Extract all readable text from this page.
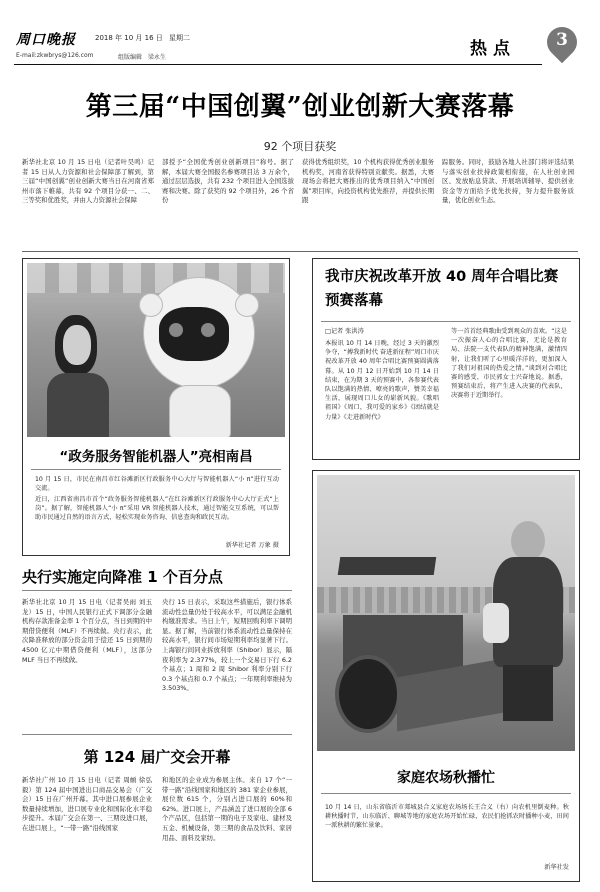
周口晚报	2018 年 10 月 16 日 星期二
E-mail:zkwbrys@126.com	组版编辑 梁永生	热点	3
第三届“中国创翼”创业创新大赛落幕
92 个项目获奖
新华社北京 10 月 15 日电（记者叶昊鸣）记者 15 日从人力资源和社会保障部了解到，第三届“中国创翼”创业创新大赛当日在河南省郑州市落下帷幕，共有 92 个项目分获一、二、三等奖和优胜奖，并由人力资源社会保障
部授予“全国优秀创业创新项目”称号。据了解，本届大赛全国报名参赛项目达 3 万余个，通过层层选拔，共有 232 个项目进入全国选拔赛和决赛。除了获奖的 92 个项目外，26 个省份
获得优秀组织奖，10 个机构获得优秀创业服务机构奖，河南省获得特别贡献奖。据悉，大赛现场会将把大赛推出的优秀项目纳入“中国创翼”项目库，向投资机构优先推荐，并提供长期跟
踪服务。同时，鼓励各地人社部门将评选结果与落实创业扶持政策相衔接，在人社创业园区、发放贴息贷款、开展培训辅导、提供创业资金等方面给予优先扶持，努力提升服务质量，优化创业生态。
“政务服务智能机器人”亮相南昌
10 月 15 日，市民在南昌市红谷滩新区行政服务中心大厅与智能机器人“小 π”进行互动交流。
近日，江西省南昌市首个“政务服务智能机器人”在红谷滩新区行政服务中心大厅正式“上岗”。据了解，智能机器人“小 π”采用 VR 智能机器人技术，通过智能交互系统，可以帮助市民通过自然的语言方式，轻松实现业务咨询、信息查询和政民互动。
新华社记者 万象 摄
我市庆祝改革开放 40 周年合唱比赛预赛落幕
□记者 张洪涛
本报讯 10 月 14 日晚，经过 3 天的激烈争夺，“搏我新时代 奋进新征程”周口市庆祝改革开放 40 周年合唱比赛预赛圆满落幕。从 10 月 12 日开始到 10 月 14 日结束，在为期 3 天的预赛中，各参赛代表队以饱满的热情、嘹亮的歌声，赞美幸福生活，展现周口儿女的崭新风貌。《歌唱祖国》《周口，我可爱的家乡》《团结就是力量》《走进新时代》
等一首首经典歌曲受到观众的喜欢。“这是一次振奋人心的合唱比赛，无论是教育局、法院一支代表队的精神饱满，激情四射，让我们听了心里暖洋洋的，更加深入了我们对祖国的热爱之情。”谈到对合唱比赛的感受，市民郭女士兴奋地说。据悉，预赛结束后，将产生进入决赛的代表队，决赛将于近期举行。
央行实施定向降准 1 个百分点
新华社北京 10 月 15 日电（记者吴雨 刘玉龙）15 日，中国人民银行正式下调部分金融机构存款准备金率 1 个百分点，当日到期的中期借贷便利（MLF）不再续做。央行表示，此次降准释放的部分资金用于偿还 15 日到期的 4500 亿元中期借贷便利（MLF），这部分 MLF 当日不再续做。
央行 15 日表示，采取这些措施后，银行体系流动性总量仍处于较高水平，可以满足金融机构缴准需求。当日上午，短期回购利率下调明显。据了解，当前银行体系流动性总量保持在较高水平，银行间市场短期利率均显著下行。上海银行间同业拆放利率（Shibor）显示，隔夜利率为 2.377%，较上一个交易日下行 6.2 个基点；1 周和 2 周 Shibor 利率分别下行 0.3 个基点和 0.7 个基点；一年期利率维持为 3.503%。
第 124 届广交会开幕
新华社广州 10 月 15 日电（记者 周頔 徐弘毅）第 124 届中国进出口商品交易会（广交会）15 日在广州开幕。其中进口展参展企业数量持续增加，进口展专业化和国际化水平稳步提升。本届广交会在第一、三期设进口展，在进口展上，“一带一路”沿线国家
和地区的企业成为参展主体。来自 17 个“一带一路”沿线国家和地区的 381 家企业参展，展位数 615 个，分别占进口展的 60%和 62%。进口展上，产品涵盖了进口展的全部 6 个产品区，包括第一期的电子及家电、建材及五金、机械设备，第三期的食品及饮料、家居用品、面料及家纺。
家庭农场秋播忙
10 月 14 日，山东省临沂市郯城县合义家庭农场场长王合义（右）向农机里倒麦种。秋耕秋播时节，山东临沂、聊城等地的家庭农场开始忙碌，农民们抢抓农时播种小麦，田间一派秋耕的繁忙景象。
新华社发
